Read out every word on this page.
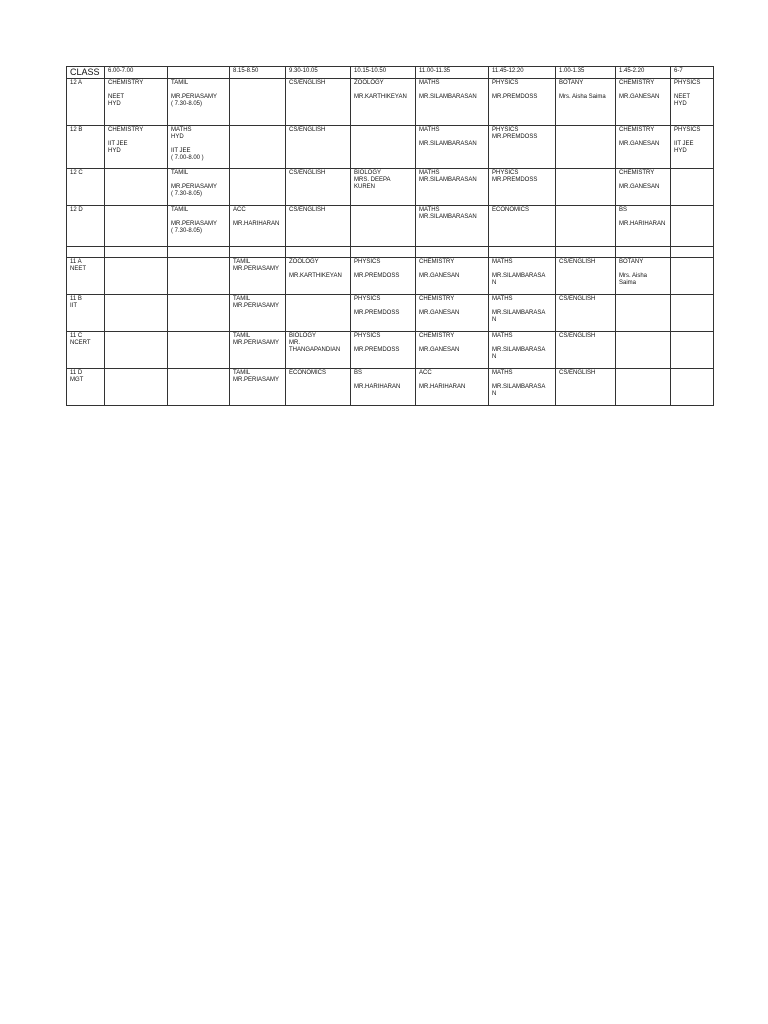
CLASS	6.00-7.00		8.15-8.50	9.30-10.05	10.15-10.50	11.00-11.35	11.45-12.20	1.00-1.35	1.45-2.20	6-7

12 A	CHEMISTRY
NEET
HYD	TAMIL
MR.PERIASAMY
( 7.30-8.05)		CS/ENGLISH	ZOOLOGY
MR.KARTHIKEYAN	MATHS
MR.SILAMBARASAN	PHYSICS
MR.PREMDOSS	BOTANY
Mrs. Aisha Saima	CHEMISTRY
MR.GANESAN	PHYSICS
NEET
HYD

12 B	CHEMISTRY
IIT JEE
HYD	MATHS
HYD
IIT JEE
( 7.00-8.00 )		CS/ENGLISH		MATHS
MR.SILAMBARASAN	PHYSICS
MR.PREMDOSS		CHEMISTRY
MR.GANESAN	PHYSICS
IIT JEE
HYD

12 C		TAMIL
MR.PERIASAMY
( 7.30-8.05)		CS/ENGLISH	BIOLOGY
MRS. DEEPA
KUREN	MATHS
MR.SILAMBARASAN	PHYSICS
MR.PREMDOSS		CHEMISTRY
MR.GANESAN	

12 D		TAMIL
MR.PERIASAMY
( 7.30-8.05)	ACC
MR.HARIHARAN	CS/ENGLISH		MATHS
MR.SILAMBARASAN	ECONOMICS		BS
MR.HARIHARAN	

11 A
NEET			TAMIL
MR.PERIASAMY	ZOOLOGY
MR.KARTHIKEYAN	PHYSICS
MR.PREMDOSS	CHEMISTRY
MR.GANESAN	MATHS
MR.SILAMBARASA
N	CS/ENGLISH	BOTANY
Mrs. Aisha
Saima	

11 B
IIT			TAMIL
MR.PERIASAMY		PHYSICS
MR.PREMDOSS	CHEMISTRY
MR.GANESAN	MATHS
MR.SILAMBARASA
N	CS/ENGLISH		

11 C
NCERT			TAMIL
MR.PERIASAMY	BIOLOGY
MR.
THANGAPANDIAN	PHYSICS
MR.PREMDOSS	CHEMISTRY
MR.GANESAN	MATHS
MR.SILAMBARASA
N	CS/ENGLISH		

11 D
MGT			TAMIL
MR.PERIASAMY	ECONOMICS	BS
MR.HARIHARAN	ACC
MR.HARIHARAN	MATHS
MR.SILAMBARASA
N	CS/ENGLISH		
